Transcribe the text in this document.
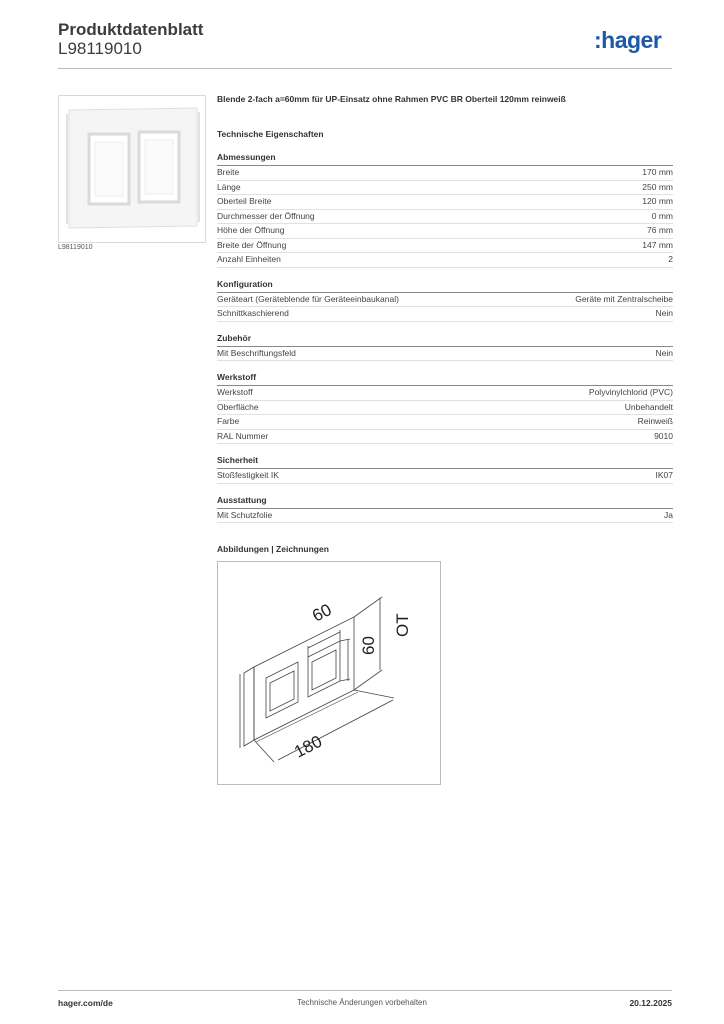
Produktdatenblatt
L98119010	:hager
L98119010
Blende 2-fach a=60mm für UP-Einsatz ohne Rahmen PVC BR Oberteil 120mm reinweiß
Technische Eigenschaften
Abmessungen
Breite	170 mm
Länge	250 mm
Oberteil Breite	120 mm
Durchmesser der Öffnung	0 mm
Höhe der Öffnung	76 mm
Breite der Öffnung	147 mm
Anzahl Einheiten	2
Konfiguration
Geräteart (Geräteblende für Geräteeinbaukanal)	Geräte mit Zentralscheibe
Schnittkaschierend	Nein
Zubehör
Mit Beschriftungsfeld	Nein
Werkstoff
Werkstoff	Polyvinylchlorid (PVC)
Oberfläche	Unbehandelt
Farbe	Reinweiß
RAL Nummer	9010
Sicherheit
Stoßfestigkeit IK	IK07
Ausstattung
Mit Schutzfolie	Ja
Abbildungen | Zeichnungen
60
60
OT
180
hager.com/de	Technische Änderungen vorbehalten	20.12.2025
